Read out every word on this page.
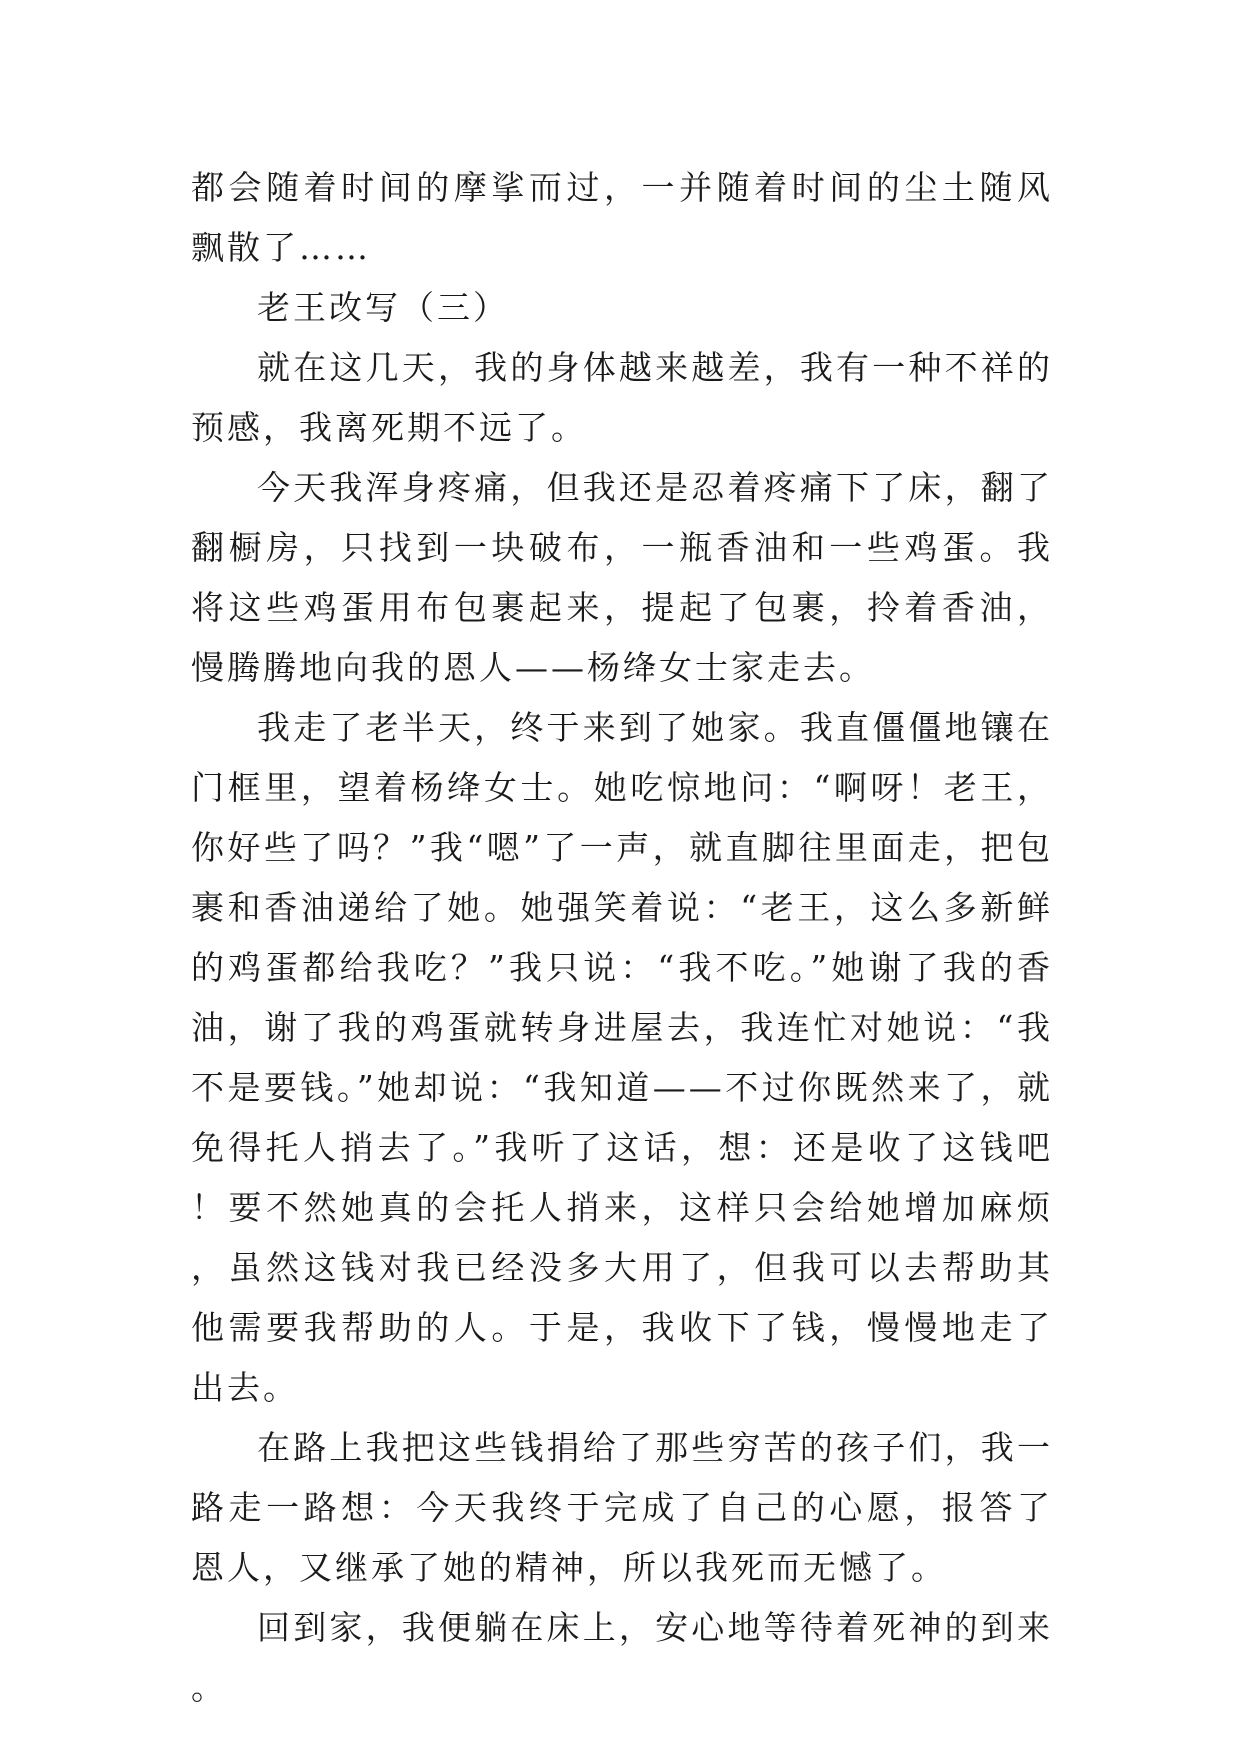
都会随着时间的摩挲而过，一并随着时间的尘土随风飘散了……

老王改写（三）

就在这几天，我的身体越来越差，我有一种不祥的预感，我离死期不远了。

今天我浑身疼痛，但我还是忍着疼痛下了床，翻了翻橱房，只找到一块破布，一瓶香油和一些鸡蛋。我将这些鸡蛋用布包裹起来，提起了包裹，拎着香油，慢腾腾地向我的恩人——杨绛女士家走去。

我走了老半天，终于来到了她家。我直僵僵地镶在门框里，望着杨绛女士。她吃惊地问：“啊呀！老王，你好些了吗？”我“嗯”了一声，就直脚往里面走，把包裹和香油递给了她。她强笑着说：“老王，这么多新鲜的鸡蛋都给我吃？”我只说：“我不吃。”她谢了我的香油，谢了我的鸡蛋就转身进屋去，我连忙对她说：“我不是要钱。”她却说：“我知道——不过你既然来了，就免得托人捎去了。”我听了这话，想：还是收了这钱吧！要不然她真的会托人捎来，这样只会给她增加麻烦，虽然这钱对我已经没多大用了，但我可以去帮助其他需要我帮助的人。于是，我收下了钱，慢慢地走了出去。

在路上我把这些钱捐给了那些穷苦的孩子们，我一路走一路想：今天我终于完成了自己的心愿，报答了恩人，又继承了她的精神，所以我死而无憾了。

回到家，我便躺在床上，安心地等待着死神的到来。
